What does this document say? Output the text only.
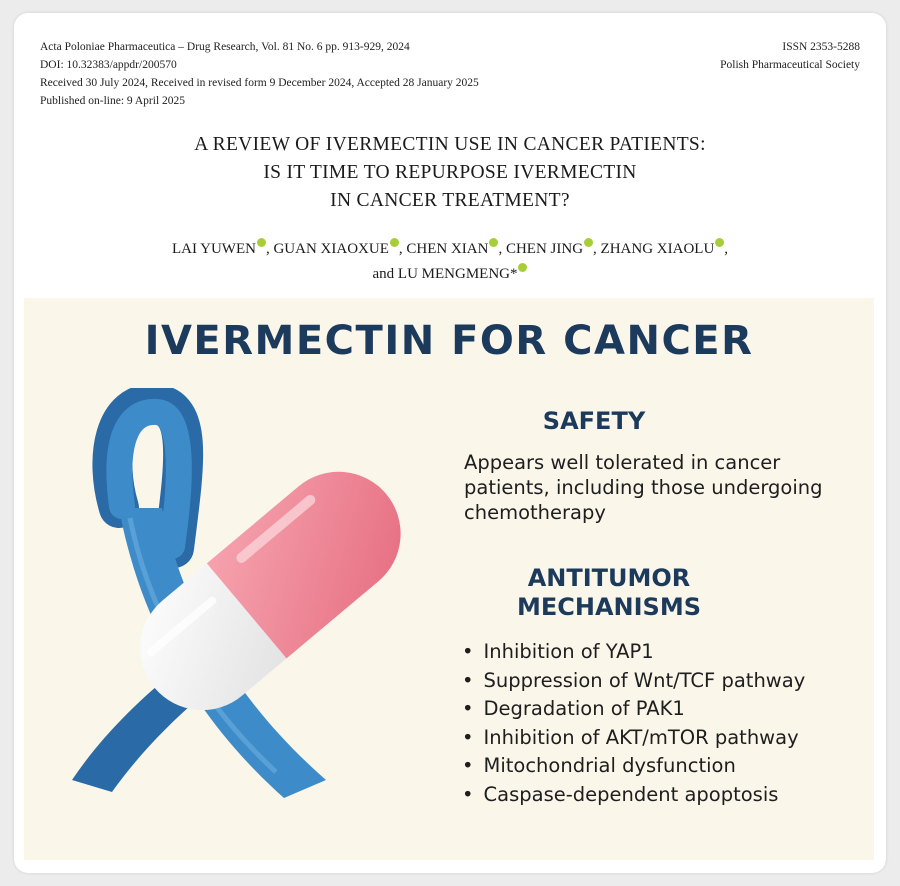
Acta Poloniae Pharmaceutica – Drug Research, Vol. 81 No. 6 pp. 913-929, 2024
DOI: 10.32383/appdr/200570
Received 30 July 2024, Received in revised form 9 December 2024, Accepted 28 January 2025
Published on-line: 9 April 2025
ISSN 2353-5288
Polish Pharmaceutical Society
A REVIEW OF IVERMECTIN USE IN CANCER PATIENTS:
IS IT TIME TO REPURPOSE IVERMECTIN
IN CANCER TREATMENT?
LAI YUWEN , GUAN XIAOXUE , CHEN XIAN , CHEN JING , ZHANG XIAOLU ,
and LU MENGMENG*
IVERMECTIN FOR CANCER
SAFETY
Appears well tolerated in cancer patients, including those undergoing chemotherapy
ANTITUMOR
MECHANISMS
• Inhibition of YAP1
• Suppression of Wnt/TCF pathway
• Degradation of PAK1
• Inhibition of AKT/mTOR pathway
• Mitochondrial dysfunction
• Caspase-dependent apoptosis
